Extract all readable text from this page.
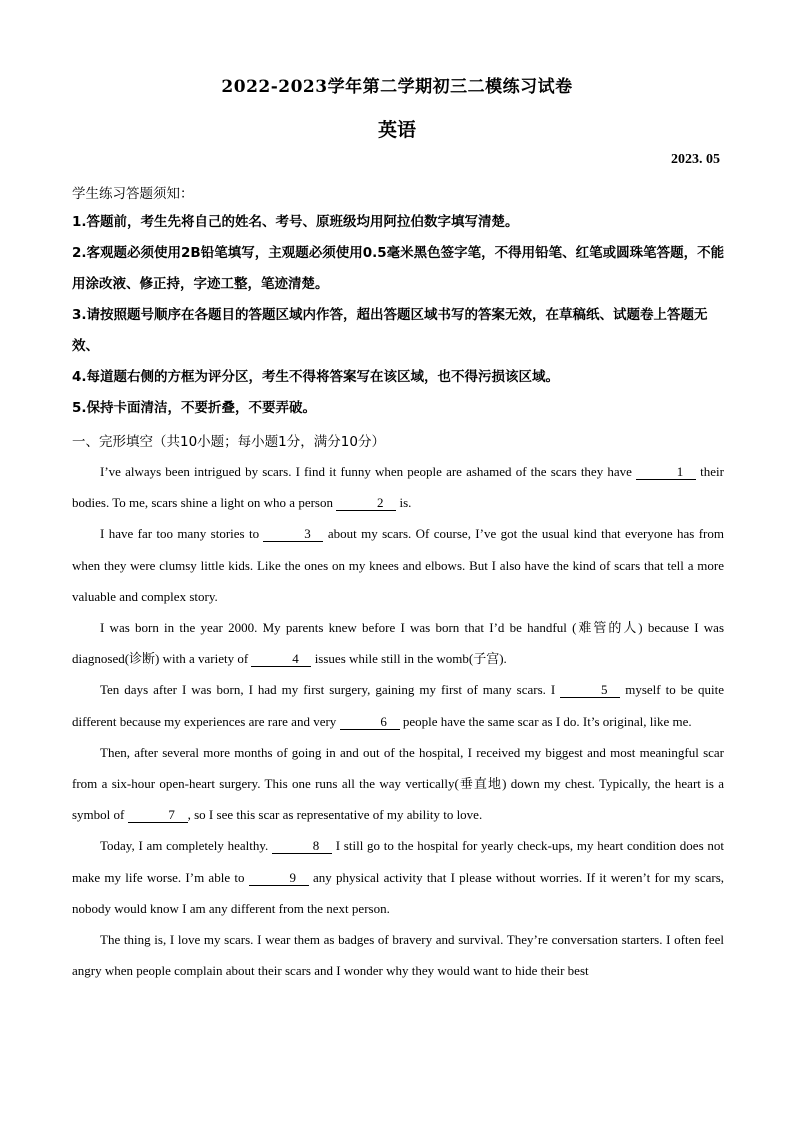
2022-2023学年第二学期初三二模练习试卷
英语
2023. 05
学生练习答题须知：
1.答题前，考生先将自己的姓名、考号、原班级均用阿拉伯数字填写清楚。
2.客观题必须使用2B铅笔填写，主观题必须使用0.5毫米黑色签字笔，不得用铅笔、红笔或圆珠笔答题，不能用涂改液、修正持，字迹工整，笔迹清楚。
3.请按照题号顺序在各题目的答题区域内作答，超出答题区域书写的答案无效，在草稿纸、试题卷上答题无效、
4.每道题右侧的方框为评分区，考生不得将答案写在该区域，也不得污损该区域。
5.保持卡面清洁，不要折叠，不要弄破。
一、完形填空（共10小题；每小题1分，满分10分）

I’ve always been intrigued by scars. I find it funny when people are ashamed of the scars they have	1 their bodies. To me, scars shine a light on who a person	2 is.

I have far too many stories to	3 about my scars. Of course, I’ve got the usual kind that everyone has from when they were clumsy little kids. Like the ones on my knees and elbows. But I also have the kind of scars that tell a more valuable and complex story.

I was born in the year 2000. My parents knew before I was born that I’d be handful (难管的人) because I was diagnosed(诊断) with a variety of	4 issues while still in the womb(子宫).

Ten days after I was born, I had my first surgery, gaining my first of many scars. I	5 myself to be quite different because my experiences are rare and very	6 people have the same scar as I do. It’s original, like me.

Then, after several more months of going in and out of the hospital, I received my biggest and most meaningful scar from a six-hour open-heart surgery. This one runs all the way vertically(垂直地) down my chest. Typically, the heart is a symbol of	7 , so I see this scar as representative of my ability to love.

Today, I am completely healthy.	8 I still go to the hospital for yearly check-ups, my heart condition does not make my life worse. I’m able to	9 any physical activity that I please without worries. If it weren’t for my scars, nobody would know I am any different from the next person.

The thing is, I love my scars. I wear them as badges of bravery and survival. They’re conversation starters. I often feel angry when people complain about their scars and I wonder why they would want to hide their best
